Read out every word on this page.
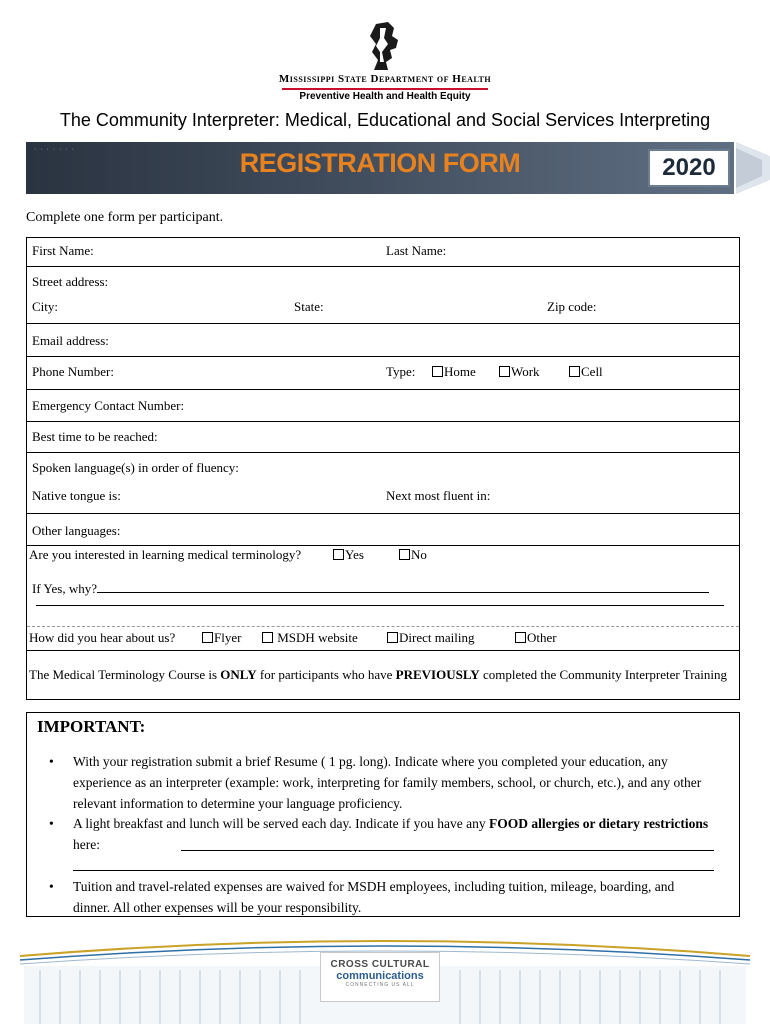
Mississippi State Department of Health
Preventive Health and Health Equity
The Community Interpreter: Medical, Educational and Social Services Interpreting
· · · · · · ·	REGISTRATION FORM	2020
Complete one form per participant.
First Name:	Last Name:
Street address:
City:	State:	Zip code:
Email address:
Phone Number:	Type:	Home	Work	Cell
Emergency Contact Number:
Best time to be reached:
Spoken language(s) in order of fluency:
Native tongue is:	Next most fluent in:
Other languages:
Are you interested in learning medical terminology?	Yes	No
If Yes, why?
How did you hear about us?	Flyer	MSDH website	Direct mailing	Other
The Medical Terminology Course is ONLY for participants who have PREVIOUSLY completed the Community Interpreter Training
IMPORTANT:
• With your registration submit a brief Resume ( 1 pg. long). Indicate where you completed your education, any experience as an interpreter (example: work, interpreting for family members, school, or church, etc.), and any other relevant information to determine your language proficiency.
• A light breakfast and lunch will be served each day. Indicate if you have any FOOD allergies or dietary restrictions here:
• Tuition and travel-related expenses are waived for MSDH employees, including tuition, mileage, boarding, and dinner. All other expenses will be your responsibility.
CROSS CULTURAL
communications
CONNECTING US ALL
